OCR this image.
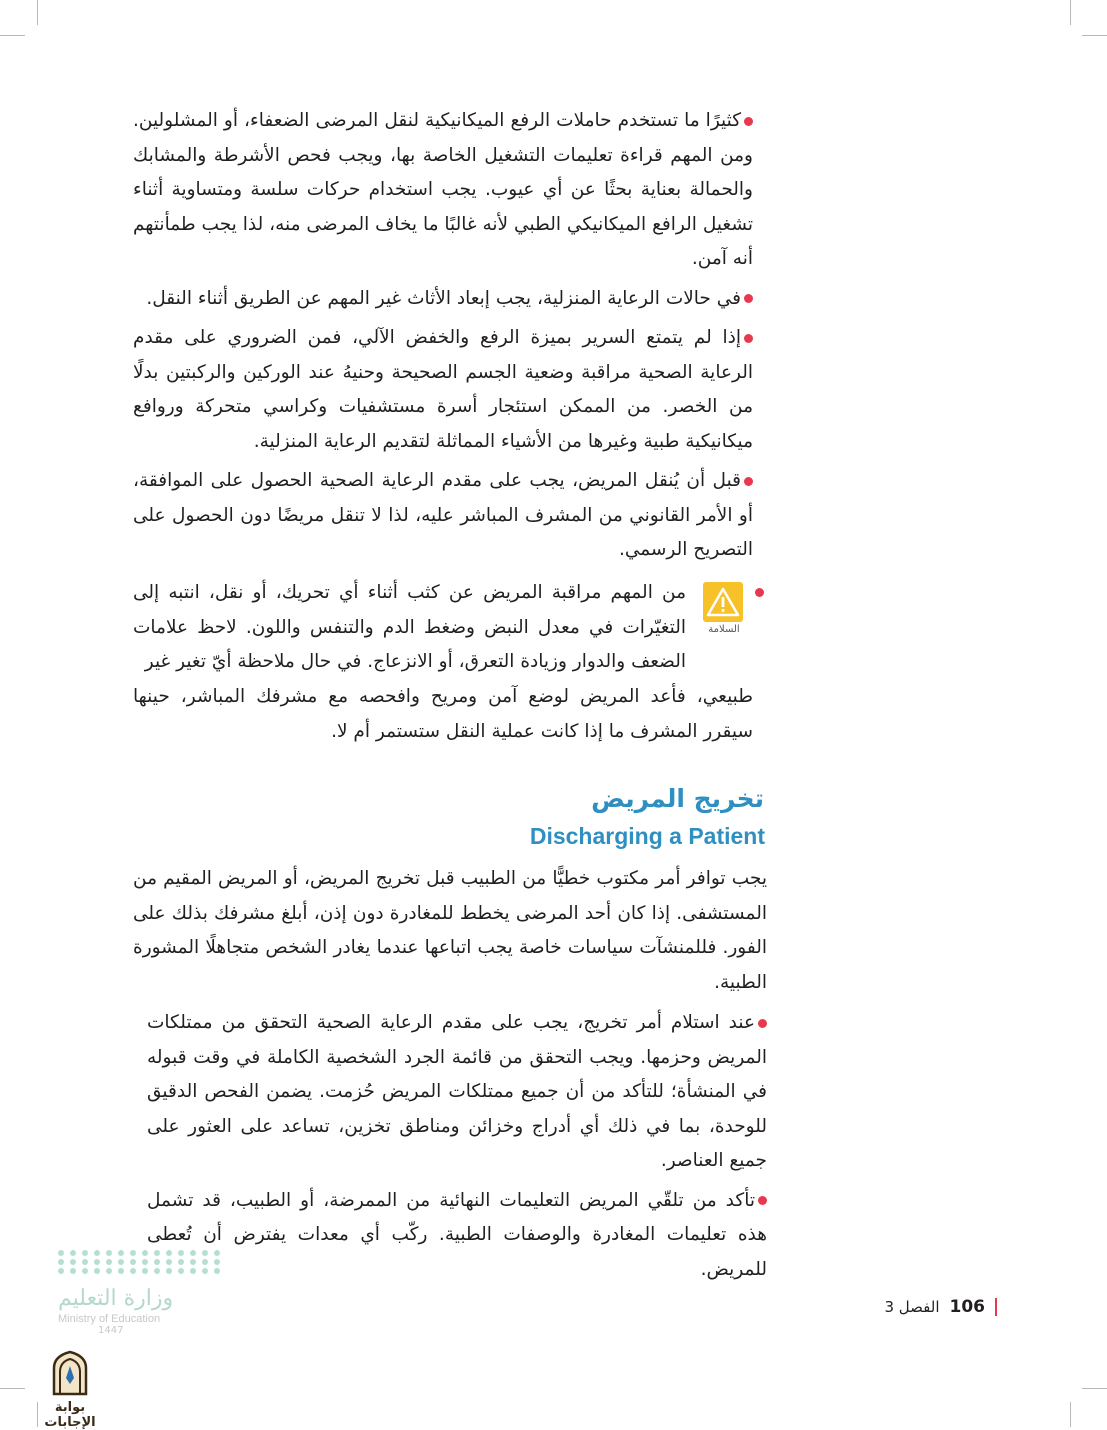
كثيرًا ما تستخدم حاملات الرفع الميكانيكية لنقل المرضى الضعفاء، أو المشلولين. ومن المهم قراءة تعليمات التشغيل الخاصة بها، ويجب فحص الأشرطة والمشابك والحمالة بعناية بحثًا عن أي عيوب. يجب استخدام حركات سلسة ومتساوية أثناء تشغيل الرافع الميكانيكي الطبي لأنه غالبًا ما يخاف المرضى منه، لذا يجب طمأنتهم أنه آمن.
في حالات الرعاية المنزلية، يجب إبعاد الأثاث غير المهم عن الطريق أثناء النقل.
إذا لم يتمتع السرير بميزة الرفع والخفض الآلي، فمن الضروري على مقدم الرعاية الصحية مراقبة وضعية الجسم الصحيحة وحنيهُ عند الوركين والركبتين بدلًا من الخصر. من الممكن استئجار أسرة مستشفيات وكراسي متحركة وروافع ميكانيكية طبية وغيرها من الأشياء المماثلة لتقديم الرعاية المنزلية.
قبل أن يُنقل المريض، يجب على مقدم الرعاية الصحية الحصول على الموافقة، أو الأمر القانوني من المشرف المباشر عليه، لذا لا تنقل مريضًا دون الحصول على التصريح الرسمي.
السلامة
من المهم مراقبة المريض عن كثب أثناء أي تحريك، أو نقل، انتبه إلى التغيّرات في معدل النبض وضغط الدم والتنفس واللون. لاحظ علامات الضعف والدوار وزيادة التعرق، أو الانزعاج. في حال ملاحظة أيّ تغير غير
طبيعي، فأعد المريض لوضع آمن ومريح وافحصه مع مشرفك المباشر، حينها سيقرر المشرف ما إذا كانت عملية النقل ستستمر أم لا.
تخريج المريض
Discharging a Patient
يجب توافر أمر مكتوب خطيًّا من الطبيب قبل تخريج المريض، أو المريض المقيم من المستشفى. إذا كان أحد المرضى يخطط للمغادرة دون إذن، أبلغ مشرفك بذلك على الفور. فللمنشآت سياسات خاصة يجب اتباعها عندما يغادر الشخص متجاهلًا المشورة الطبية.
عند استلام أمر تخريج، يجب على مقدم الرعاية الصحية التحقق من ممتلكات المريض وحزمها. ويجب التحقق من قائمة الجرد الشخصية الكاملة في وقت قبوله في المنشأة؛ للتأكد من أن جميع ممتلكات المريض حُزمت. يضمن الفحص الدقيق للوحدة، بما في ذلك أي أدراج وخزائن ومناطق تخزين، تساعد على العثور على جميع العناصر.
تأكد من تلقّي المريض التعليمات النهائية من الممرضة، أو الطبيب، قد تشمل هذه تعليمات المغادرة والوصفات الطبية. ركّب أي معدات يفترض أن تُعطى للمريض.
106
الفصل 3
وزارة التعليم
Ministry of Education
1447
بوابة الإجابات
